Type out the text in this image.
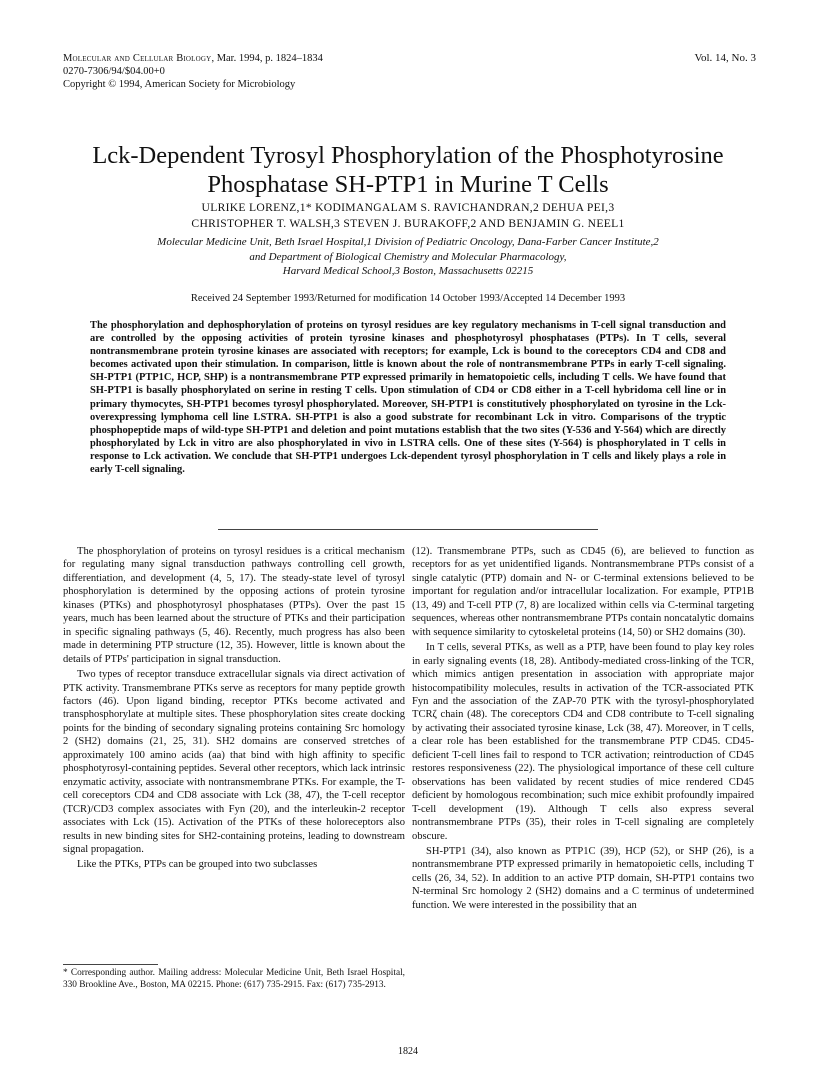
Molecular and Cellular Biology, Mar. 1994, p. 1824–1834
0270-7306/94/$04.00+0
Copyright © 1994, American Society for Microbiology
Vol. 14, No. 3
Lck-Dependent Tyrosyl Phosphorylation of the Phosphotyrosine Phosphatase SH-PTP1 in Murine T Cells
ULRIKE LORENZ,1* KODIMANGALAM S. RAVICHANDRAN,2 DEHUA PEI,3
CHRISTOPHER T. WALSH,3 STEVEN J. BURAKOFF,2 AND BENJAMIN G. NEEL1
Molecular Medicine Unit, Beth Israel Hospital,1 Division of Pediatric Oncology, Dana-Farber Cancer Institute,2
and Department of Biological Chemistry and Molecular Pharmacology,
Harvard Medical School,3 Boston, Massachusetts 02215
Received 24 September 1993/Returned for modification 14 October 1993/Accepted 14 December 1993
The phosphorylation and dephosphorylation of proteins on tyrosyl residues are key regulatory mechanisms in T-cell signal transduction and are controlled by the opposing activities of protein tyrosine kinases and phosphotyrosyl phosphatases (PTPs). In T cells, several nontransmembrane protein tyrosine kinases are associated with receptors; for example, Lck is bound to the coreceptors CD4 and CD8 and becomes activated upon their stimulation. In comparison, little is known about the role of nontransmembrane PTPs in early T-cell signaling. SH-PTP1 (PTP1C, HCP, SHP) is a nontransmembrane PTP expressed primarily in hematopoietic cells, including T cells. We have found that SH-PTP1 is basally phosphorylated on serine in resting T cells. Upon stimulation of CD4 or CD8 either in a T-cell hybridoma cell line or in primary thymocytes, SH-PTP1 becomes tyrosyl phosphorylated. Moreover, SH-PTP1 is constitutively phosphorylated on tyrosine in the Lck-overexpressing lymphoma cell line LSTRA. SH-PTP1 is also a good substrate for recombinant Lck in vitro. Comparisons of the tryptic phosphopeptide maps of wild-type SH-PTP1 and deletion and point mutations establish that the two sites (Y-536 and Y-564) which are directly phosphorylated by Lck in vitro are also phosphorylated in vivo in LSTRA cells. One of these sites (Y-564) is phosphorylated in T cells in response to Lck activation. We conclude that SH-PTP1 undergoes Lck-dependent tyrosyl phosphorylation in T cells and likely plays a role in early T-cell signaling.

The phosphorylation of proteins on tyrosyl residues is a critical mechanism for regulating many signal transduction pathways controlling cell growth, differentiation, and development (4, 5, 17). The steady-state level of tyrosyl phosphorylation is determined by the opposing actions of protein tyrosine kinases (PTKs) and phosphotyrosyl phosphatases (PTPs). Over the past 15 years, much has been learned about the structure of PTKs and their participation in specific signaling pathways (5, 46). Recently, much progress has also been made in determining PTP structure (12, 35). However, little is known about the details of PTPs' participation in signal transduction.

Two types of receptor transduce extracellular signals via direct activation of PTK activity. Transmembrane PTKs serve as receptors for many peptide growth factors (46). Upon ligand binding, receptor PTKs become activated and transphosphorylate at multiple sites. These phosphorylation sites create docking points for the binding of secondary signaling proteins containing Src homology 2 (SH2) domains (21, 25, 31). SH2 domains are conserved stretches of approximately 100 amino acids (aa) that bind with high affinity to specific phosphotyrosyl-containing peptides. Several other receptors, which lack intrinsic enzymatic activity, associate with nontransmembrane PTKs. For example, the T-cell coreceptors CD4 and CD8 associate with Lck (38, 47), the T-cell receptor (TCR)/CD3 complex associates with Fyn (20), and the interleukin-2 receptor associates with Lck (15). Activation of the PTKs of these holoreceptors also results in new binding sites for SH2-containing proteins, leading to downstream signal propagation.

Like the PTKs, PTPs can be grouped into two subclasses

(12). Transmembrane PTPs, such as CD45 (6), are believed to function as receptors for as yet unidentified ligands. Nontransmembrane PTPs consist of a single catalytic (PTP) domain and N- or C-terminal extensions believed to be important for regulation and/or intracellular localization. For example, PTP1B (13, 49) and T-cell PTP (7, 8) are localized within cells via C-terminal targeting sequences, whereas other nontransmembrane PTPs contain noncatalytic domains with sequence similarity to cytoskeletal proteins (14, 50) or SH2 domains (30).

In T cells, several PTKs, as well as a PTP, have been found to play key roles in early signaling events (18, 28). Antibody-mediated cross-linking of the TCR, which mimics antigen presentation in association with appropriate major histocompatibility molecules, results in activation of the TCR-associated PTK Fyn and the association of the ZAP-70 PTK with the tyrosyl-phosphorylated TCRζ chain (48). The coreceptors CD4 and CD8 contribute to T-cell signaling by activating their associated tyrosine kinase, Lck (38, 47). Moreover, in T cells, a clear role has been established for the transmembrane PTP CD45. CD45-deficient T-cell lines fail to respond to TCR activation; reintroduction of CD45 restores responsiveness (22). The physiological importance of these cell culture observations has been validated by recent studies of mice rendered CD45 deficient by homologous recombination; such mice exhibit profoundly impaired T-cell development (19). Although T cells also express several nontransmembrane PTPs (35), their roles in T-cell signaling are completely obscure.

SH-PTP1 (34), also known as PTP1C (39), HCP (52), or SHP (26), is a nontransmembrane PTP expressed primarily in hematopoietic cells, including T cells (26, 34, 52). In addition to an active PTP domain, SH-PTP1 contains two N-terminal Src homology 2 (SH2) domains and a C terminus of undetermined function. We were interested in the possibility that an

* Corresponding author. Mailing address: Molecular Medicine Unit, Beth Israel Hospital, 330 Brookline Ave., Boston, MA 02215. Phone: (617) 735-2915. Fax: (617) 735-2913.
1824
